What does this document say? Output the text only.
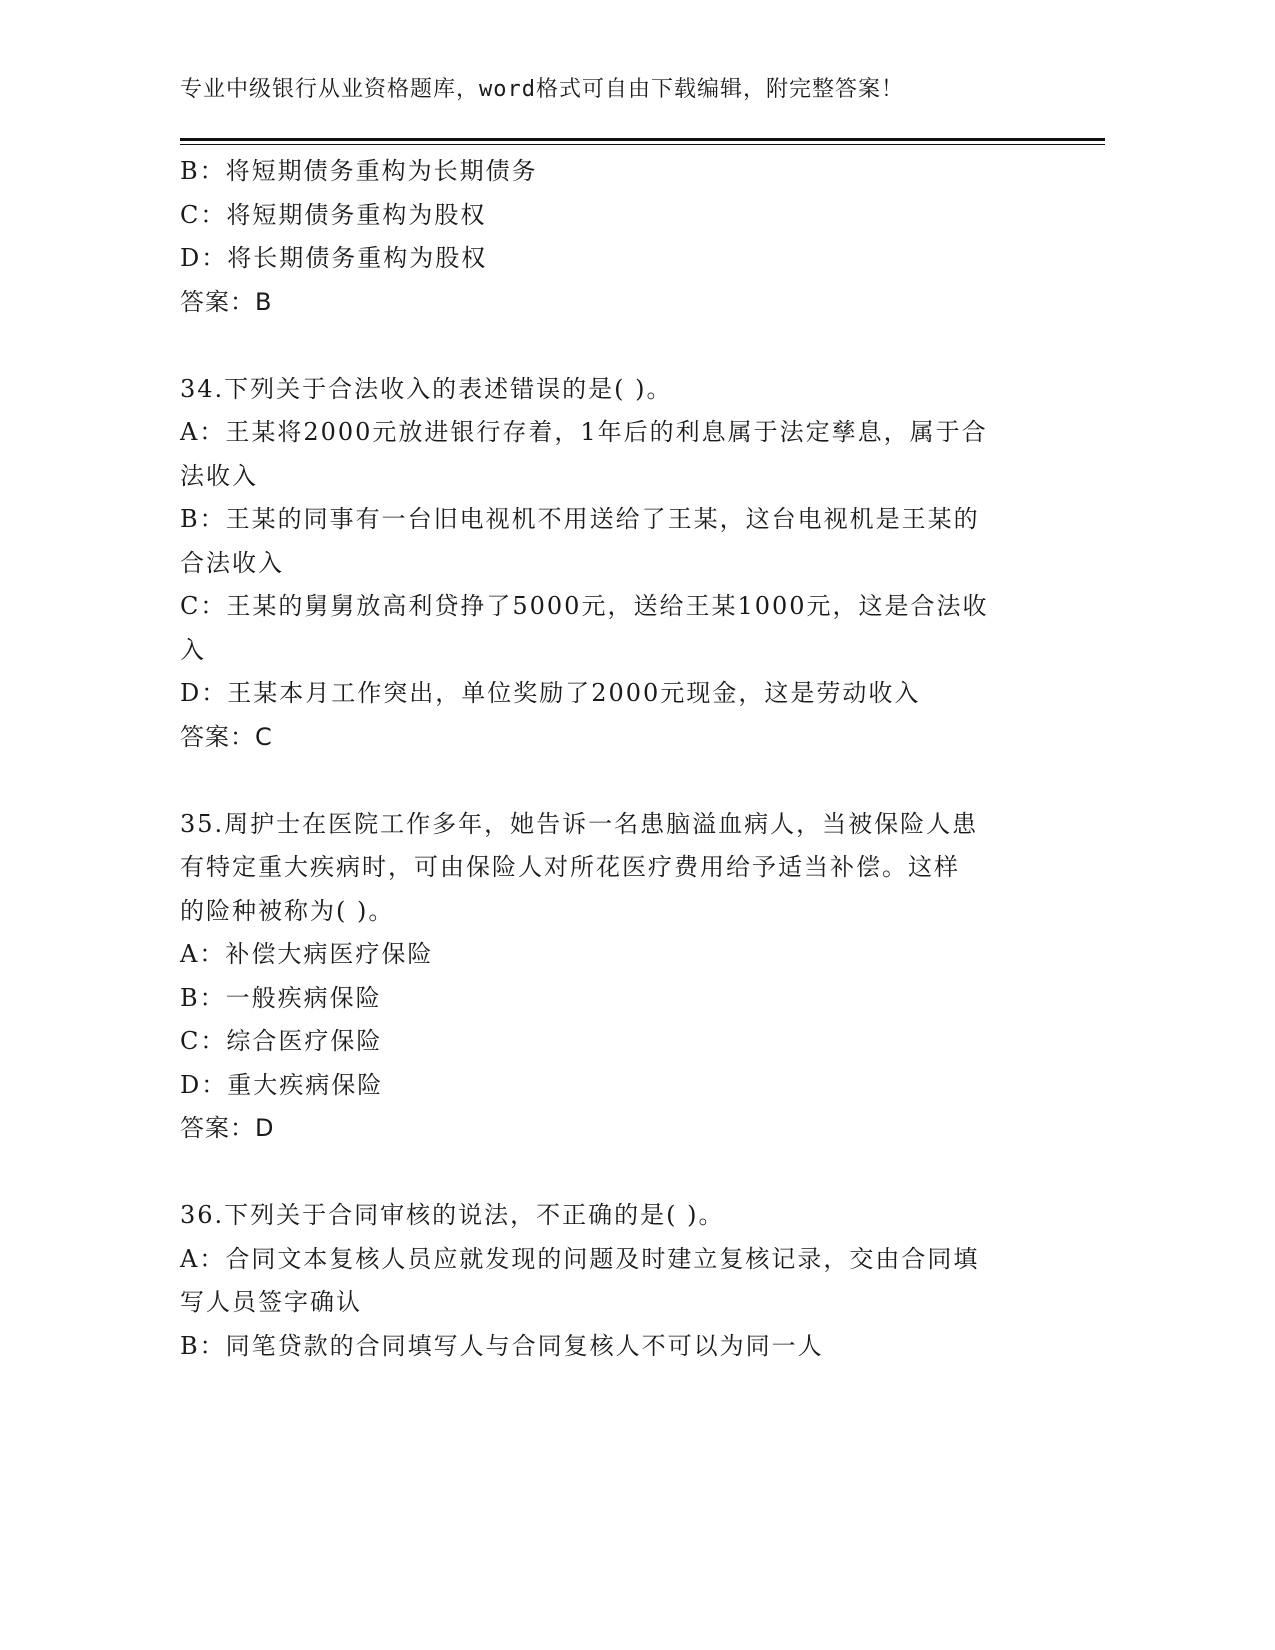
专业中级银行从业资格题库，word格式可自由下载编辑，附完整答案！
B：将短期债务重构为长期债务
C：将短期债务重构为股权
D：将长期债务重构为股权
答案：B
34.下列关于合法收入的表述错误的是( )。
A：王某将2000元放进银行存着，1年后的利息属于法定孳息，属于合
法收入
B：王某的同事有一台旧电视机不用送给了王某，这台电视机是王某的
合法收入
C：王某的舅舅放高利贷挣了5000元，送给王某1000元，这是合法收
入
D：王某本月工作突出，单位奖励了2000元现金，这是劳动收入
答案：C
35.周护士在医院工作多年，她告诉一名患脑溢血病人，当被保险人患
有特定重大疾病时，可由保险人对所花医疗费用给予适当补偿。这样
的险种被称为( )。
A：补偿大病医疗保险
B：一般疾病保险
C：综合医疗保险
D：重大疾病保险
答案：D
36.下列关于合同审核的说法，不正确的是( )。
A：合同文本复核人员应就发现的问题及时建立复核记录，交由合同填
写人员签字确认
B：同笔贷款的合同填写人与合同复核人不可以为同一人
